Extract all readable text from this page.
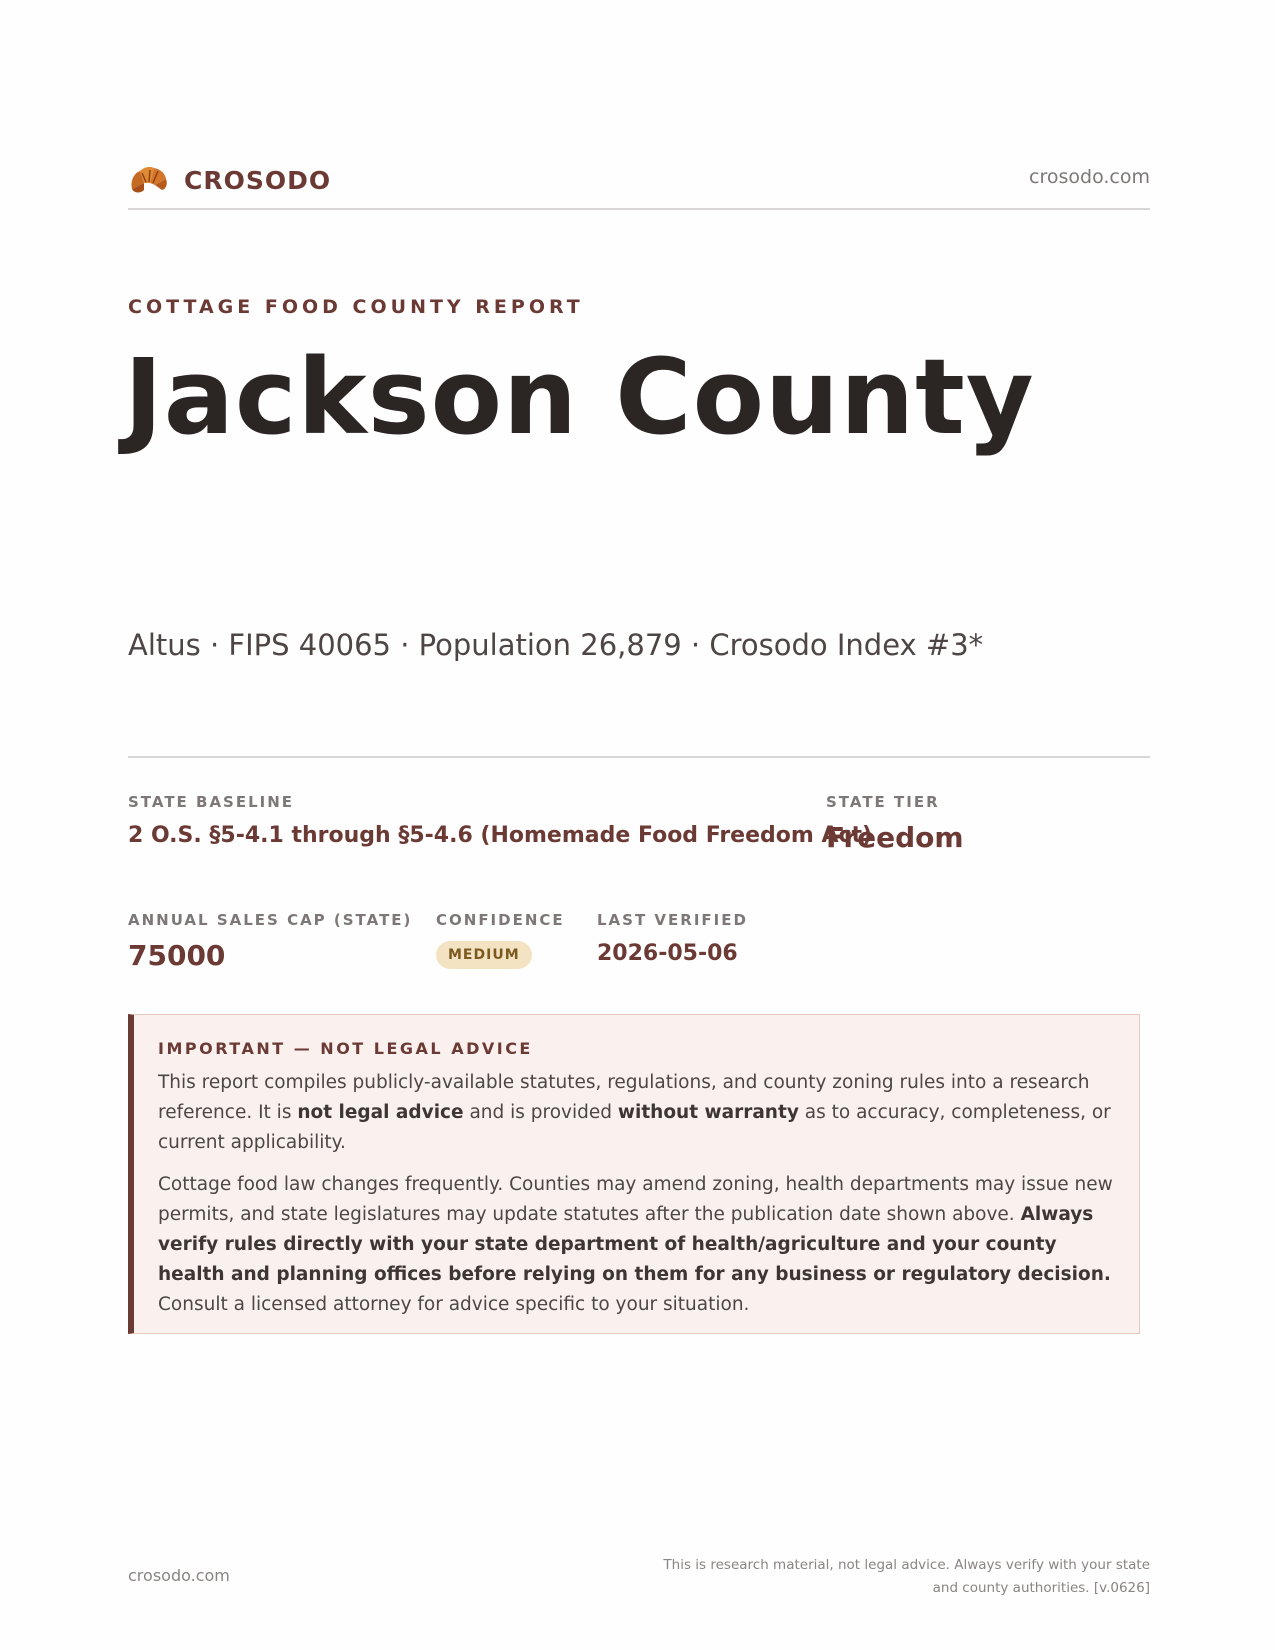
CROSODO	crosodo.com
COTTAGE FOOD COUNTY REPORT
Jackson County
Altus · FIPS 40065 · Population 26,879 · Crosodo Index #3*
STATE BASELINE
2 O.S. §5-4.1 through §5-4.6 (Homemade Food Freedom Act)
STATE TIER
Freedom
ANNUAL SALES CAP (STATE)
75000
CONFIDENCE
MEDIUM
LAST VERIFIED
2026-05-06
IMPORTANT — NOT LEGAL ADVICE

This report compiles publicly-available statutes, regulations, and county zoning rules into a research reference. It is not legal advice and is provided without warranty as to accuracy, completeness, or current applicability.

Cottage food law changes frequently. Counties may amend zoning, health departments may issue new permits, and state legislatures may update statutes after the publication date shown above. Always verify rules directly with your state department of health/agriculture and your county health and planning offices before relying on them for any business or regulatory decision. Consult a licensed attorney for advice specific to your situation.

crosodo.com
This is research material, not legal advice. Always verify with your state
and county authorities. [v.0626]
